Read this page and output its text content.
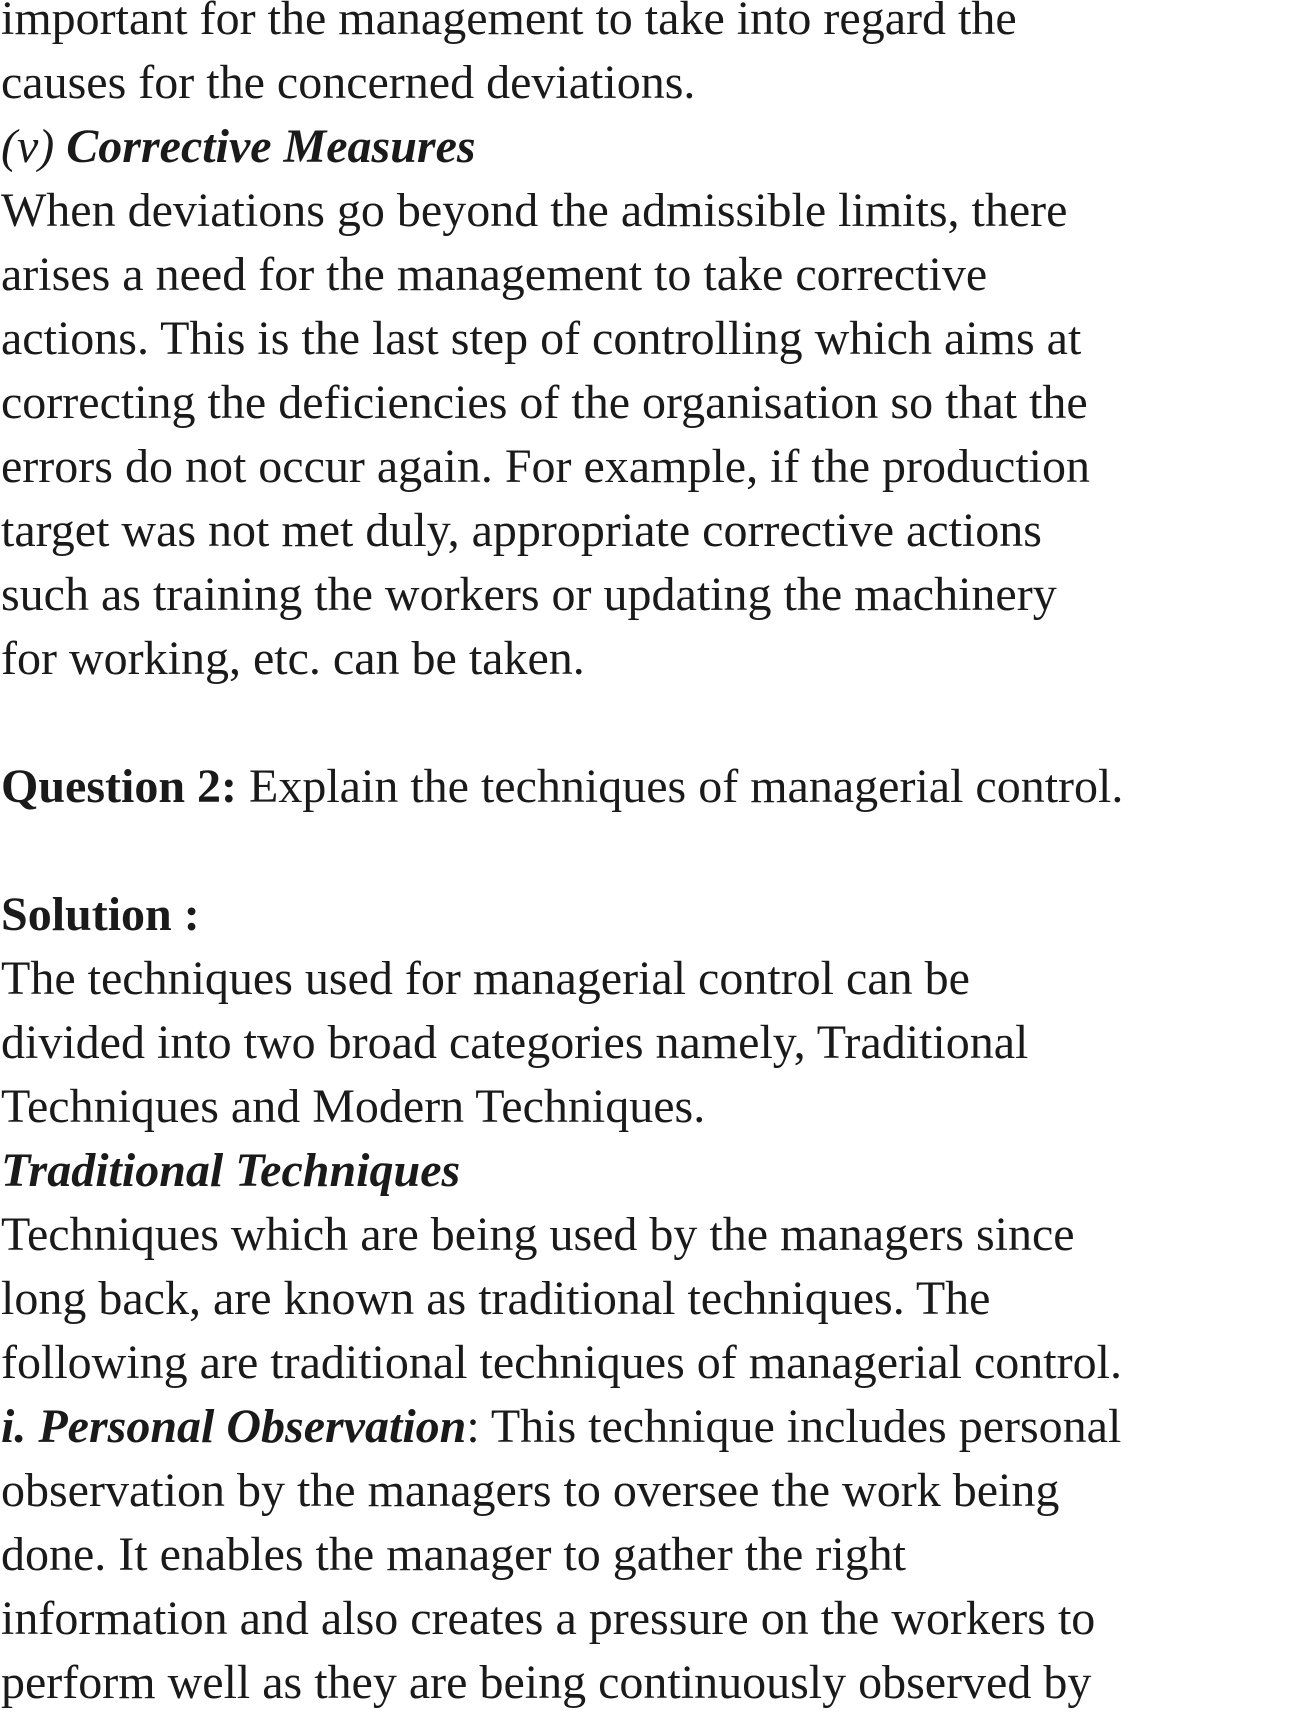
important for the management to take into regard the
causes for the concerned deviations.
(v) Corrective Measures
When deviations go beyond the admissible limits, there
arises a need for the management to take corrective
actions. This is the last step of controlling which aims at
correcting the deficiencies of the organisation so that the
errors do not occur again. For example, if the production
target was not met duly, appropriate corrective actions
such as training the workers or updating the machinery
for working, etc. can be taken.
Question 2: Explain the techniques of managerial control.
Solution :
The techniques used for managerial control can be
divided into two broad categories namely, Traditional
Techniques and Modern Techniques.
Traditional Techniques
Techniques which are being used by the managers since
long back, are known as traditional techniques. The
following are traditional techniques of managerial control.
i. Personal Observation: This technique includes personal
observation by the managers to oversee the work being
done. It enables the manager to gather the right
information and also creates a pressure on the workers to
perform well as they are being continuously observed by
